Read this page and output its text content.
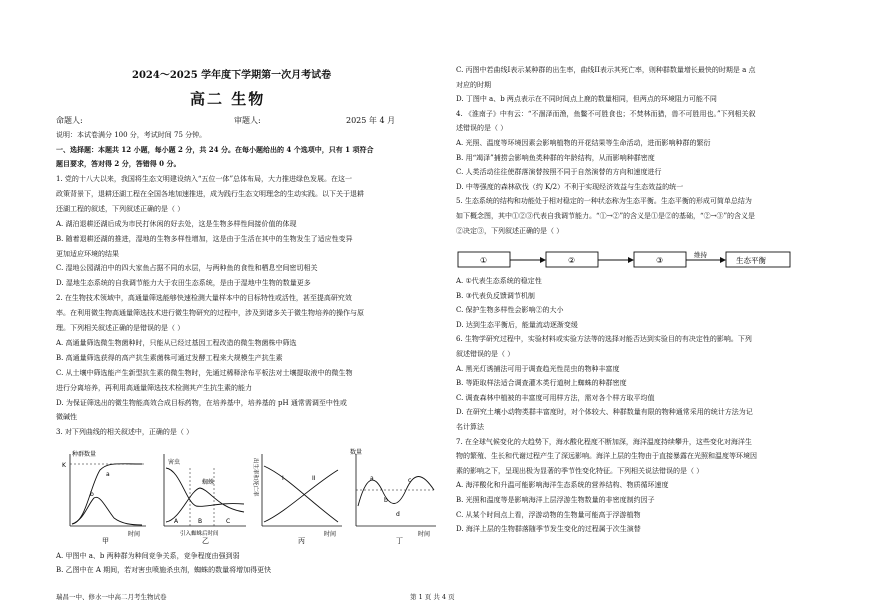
2024～2025 学年度下学期第一次月考试卷
高二 生物
命题人:	审题人:	2025 年 4 月
说明：本试卷满分 100 分，考试时间 75 分钟。
一、选择题：本题共 12 小题，每小题 2 分，共 24 分。在每小题给出的 4 个选项中，只有 1 项符合
题目要求，答对得 2 分，答错得 0 分。
1. 党的十八大以来，我国将生态文明建设纳入“五位一体”总体布局，大力推进绿色发展。在这一
政策背景下，退耕还湖工程在全国各地加速推进，成为践行生态文明理念的生动实践。以下关于退耕
还湖工程的叙述，下列叙述正确的是（ ）
A. 湖泊退耕还湖后成为市民打休闲的好去处，这是生物多样性间接价值的体现
B. 随着退耕还湖的推进，湿地的生物多样性增加，这是由于生活在其中的生物发生了适应性变异
更加适应环境的结果
C. 湿地公园湖泊中的四大家鱼占据不同的水层，与两种鱼的食性和栖息空间密切相关
D. 湿地生态系统的自我调节能力大于农田生态系统，是由于湿地中生物的数量更多
2. 在生物技术领域中，高通量筛选能够快速检测大量样本中的目标特性或活性，甚至提高研究效
率。在利用微生物高通量筛选技术进行微生物研究的过程中，涉及到诸多关于微生物培养的操作与原
理。下列相关叙述正确的是错误的是（ ）
A. 高通量筛选微生物菌种时，只能从已经过基因工程改造的微生物菌株中筛选
B. 高通量筛选获得的高产抗生素菌株可通过发酵工程来大规模生产抗生素
C. 从土壤中筛选能产生新型抗生素的微生物时，先通过稀释涂布平板法对土壤提取液中的微生物
进行分离培养，再利用高通量筛选技术检测其产生抗生素的能力
D. 为保证筛选出的微生物能高效合成目标药物，在培养基中，培养基的 pH 通常需调至中性或
微碱性
3. 对下列曲线的相关叙述中，正确的是（ ）
种群数量
K
a
b
时间
甲
害虫
蜘蛛
A	B	C
引入蜘蛛后时间
乙
出生率和死亡率	I	II
时间
丙
数量
a
b
c
d
时间
丁
A. 甲图中 a、b 两种群为种间竞争关系，竞争程度由强到弱
B. 乙图中在 A 期间，若对害虫喷施杀虫剂，蜘蛛的数量将增加得更快
C. 丙图中若曲线I表示某种群的出生率，曲线II表示其死亡率，则种群数量增长最快的时期是 a 点
对应的时期
D. 丁图中 a、b 两点表示在不同时间点上鹿的数量相同，但两点的环境阻力可能不同
4. 《淮南子》中有云：“不涸泽而渔，鱼鳖不可胜食也；不焚林而猎，兽不可胜用也。”下列相关叙
述错误的是（ ）
A. 光照、温度等环境因素会影响植物的开花结果等生命活动，进而影响种群的繁衍
B. 用“竭泽”捕捞会影响鱼类种群的年龄结构，从而影响种群密度
C. 人类活动往往使群落演替按照不同于自然演替的方向和速度进行
D. 中等强度的森林砍伐（约 K/2）不利于实现经济效益与生态效益的统一
5. 生态系统的结构和功能处于相对稳定的一种状态称为生态平衡。生态平衡的形成可简单总结为
如下概念图，其中①②③代表自我调节能力。“①→②”的含义是①是②的基础，“②→③”的含义是
②决定③，下列叙述正确的是（ ）
①	②	③
维持
生态平衡
A. ①代表生态系统的稳定性
B. ③代表负反馈调节机制
C. 保护生物多样性会影响②的大小
D. 达到生态平衡后，能量流动逐渐变缓
6. 生物学研究过程中，实验材料或实验方法等的选择对能否达到实验目的有决定性的影响。下列
叙述错误的是（ ）
A. 黑光灯诱捕法可用于调查趋光性昆虫的物种丰富度
B. 等距取样法适合调查灌木类行道树上蜘蛛的种群密度
C. 调查森林中植被的丰富度可用样方法，需对各个样方取平均值
D. 在研究土壤小动物类群丰富度时，对个体较大、种群数量有限的物种通常采用的统计方法为记
名计算法
7. 在全球气候变化的大趋势下，海水酸化程度不断加深，海洋温度持续攀升，这些变化对海洋生
物的繁殖、生长和代谢过程产生了深远影响。海洋上层的生物由于直接暴露在光照和温度等环境因
素的影响之下，呈现出极为显著的季节性变化特征。下列相关说法错误的是（ ）
A. 海洋酸化和升温可能影响海洋生态系统的营养结构、物质循环速度
B. 光照和温度等是影响海洋上层浮游生物数量的非密度制约因子
C. 从某个时间点上看，浮游动物的生物量可能高于浮游植物
D. 海洋上层的生物群落随季节发生变化的过程属于次生演替
瑞昌一中、修水一中高二月考生物试卷	第 1 页 共 4 页
